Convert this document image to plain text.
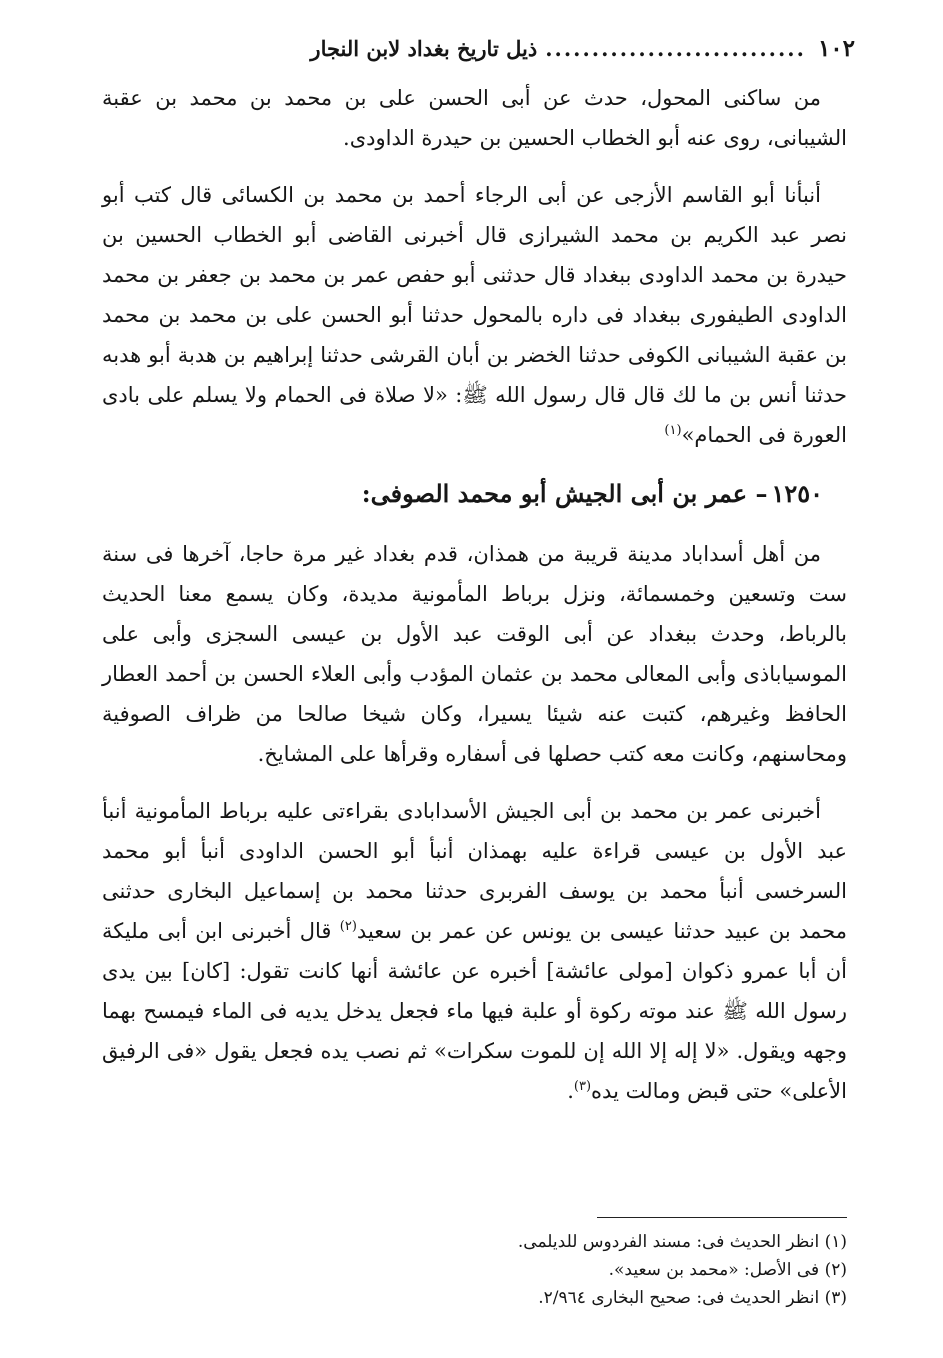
١٠٢
............................
ذيل تاريخ بغداد لابن النجار

من ساكنى المحول، حدث عن أبى الحسن على بن محمد بن محمد بن عقبة الشيبانى، روى عنه أبو الخطاب الحسين بن حيدرة الداودى.

أنبأنا أبو القاسم الأزجى عن أبى الرجاء أحمد بن محمد بن الكسائى قال كتب أبو نصر عبد الكريم بن محمد الشيرازى قال أخبرنى القاضى أبو الخطاب الحسين بن حيدرة بن محمد الداودى ببغداد قال حدثنى أبو حفص عمر بن محمد بن جعفر بن محمد الداودى الطيفورى ببغداد فى داره بالمحول حدثنا أبو الحسن على بن محمد بن محمد بن عقبة الشيبانى الكوفى حدثنا الخضر بن أبان القرشى حدثنا إبراهيم بن هدبة أبو هدبه حدثنا أنس بن ما لك قال قال رسول الله ﷺ: «لا صلاة فى الحمام ولا يسلم على بادى العورة فى الحمام»$^{(١)}$

١٢٥٠– عمر بن أبى الجيش أبو محمد الصوفى:

من أهل أسداباد مدينة قريبة من همذان، قدم بغداد غير مرة حاجا، آخرها فى سنة ست وتسعين وخمسمائة، ونزل برباط المأمونية مديدة، وكان يسمع معنا الحديث بالرباط، وحدث ببغداد عن أبى الوقت عبد الأول بن عيسى السجزى وأبى على الموسياباذى وأبى المعالى محمد بن عثمان المؤدب وأبى العلاء الحسن بن أحمد العطار الحافظ وغيرهم، كتبت عنه شيئا يسيرا، وكان شيخا صالحا من ظراف الصوفية ومحاسنهم، وكانت معه كتب حصلها فى أسفاره وقرأها على المشايخ.

أخبرنى عمر بن محمد بن أبى الجيش الأسدابادى بقراءتى عليه برباط المأمونية أنبأ عبد الأول بن عيسى قراءة عليه بهمذان أنبأ أبو الحسن الداودى أنبأ أبو محمد السرخسى أنبأ محمد بن يوسف الفربرى حدثنا محمد بن إسماعيل البخارى حدثنى محمد بن عبيد حدثنا عيسى بن يونس عن عمر بن سعيد$^{(٢)}$ قال أخبرنى ابن أبى مليكة أن أبا عمرو ذكوان [مولى عائشة] أخبره عن عائشة أنها كانت تقول: [كان] بين يدى رسول الله ﷺ عند موته ركوة أو علبة فيها ماء فجعل يدخل يديه فى الماء فيمسح بهما وجهه ويقول. «لا إله إلا الله إن للموت سكرات» ثم نصب يده فجعل يقول «فى الرفيق الأعلى» حتى قبض ومالت يده$^{(٣)}$.

(١) انظر الحديث فى: مسند الفردوس للديلمى.
(٢) فى الأصل: «محمد بن سعيد».
(٣) انظر الحديث فى: صحيح البخارى ٢/٩٦٤.
